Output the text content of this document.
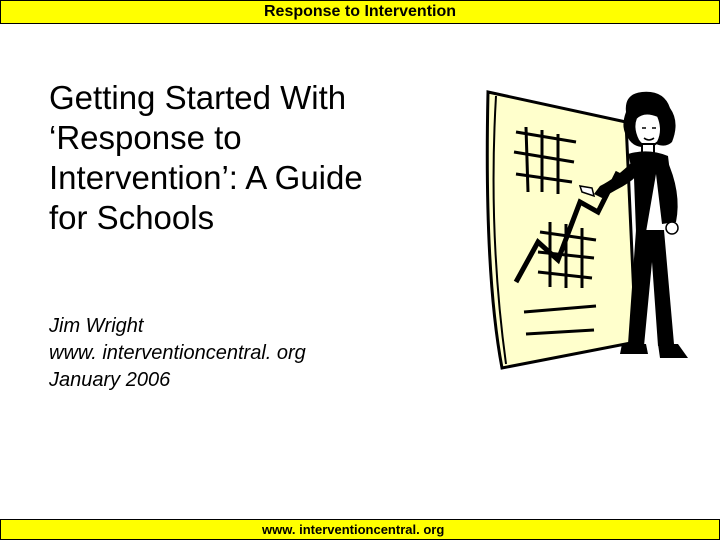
Response to Intervention
Getting Started With
‘Response to
Intervention’: A Guide
for Schools
Jim Wright
www. interventioncentral. org
January 2006
www. interventioncentral. org
